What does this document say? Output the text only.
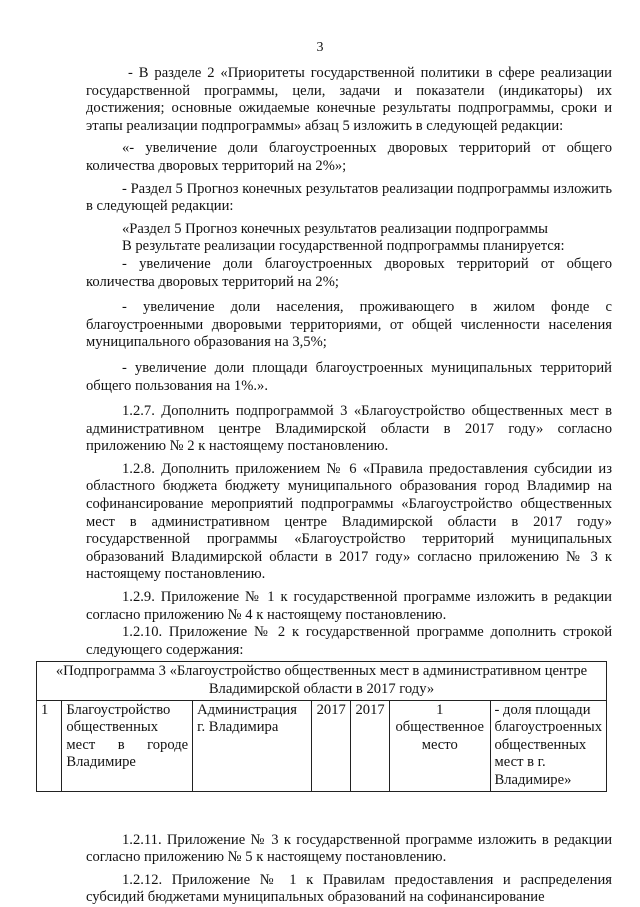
3

- В разделе 2 «Приоритеты государственной политики в сфере реализации государственной программы, цели, задачи и показатели (индикаторы) их достижения; основные ожидаемые конечные результаты подпрограммы, сроки и этапы реализации подпрограммы» абзац 5 изложить в следующей редакции:

«- увеличение доли благоустроенных дворовых территорий от общего количества дворовых территорий на 2%»;

- Раздел 5 Прогноз конечных результатов реализации подпрограммы изложить в следующей редакции:

«Раздел 5 Прогноз конечных результатов реализации подпрограммы

В результате реализации государственной подпрограммы планируется:

- увеличение доли благоустроенных дворовых территорий от общего количества дворовых территорий на 2%;

- увеличение доли населения, проживающего в жилом фонде с благоустроенными дворовыми территориями, от общей численности населения муниципального образования на 3,5%;

- увеличение доли площади благоустроенных муниципальных территорий общего пользования на 1%.».

1.2.7. Дополнить подпрограммой 3 «Благоустройство общественных мест в административном центре Владимирской области в 2017 году» согласно приложению № 2 к настоящему постановлению.

1.2.8. Дополнить приложением № 6 «Правила предоставления субсидии из областного бюджета бюджету муниципального образования город Владимир на софинансирование мероприятий подпрограммы «Благоустройство общественных мест в административном центре Владимирской области в 2017 году» государственной программы «Благоустройство территорий муниципальных образований Владимирской области в 2017 году» согласно приложению № 3 к настоящему постановлению.

1.2.9. Приложение № 1 к государственной программе изложить в редакции согласно приложению № 4 к настоящему постановлению.

1.2.10. Приложение № 2 к государственной программе дополнить строкой следующего содержания:

«Подпрограмма 3 «Благоустройство общественных мест в административном центре Владимирской области в 2017 году»
1	Благоустройство общественных мест в городе Владимире	Администрация г. Владимира	2017	2017	1 общественное место	- доля площади благоустроенных общественных мест в г. Владимире»

1.2.11. Приложение № 3 к государственной программе изложить в редакции согласно приложению № 5 к настоящему постановлению.

1.2.12. Приложение № 1 к Правилам предоставления и распределения субсидий бюджетами муниципальных образований на софинансирование
